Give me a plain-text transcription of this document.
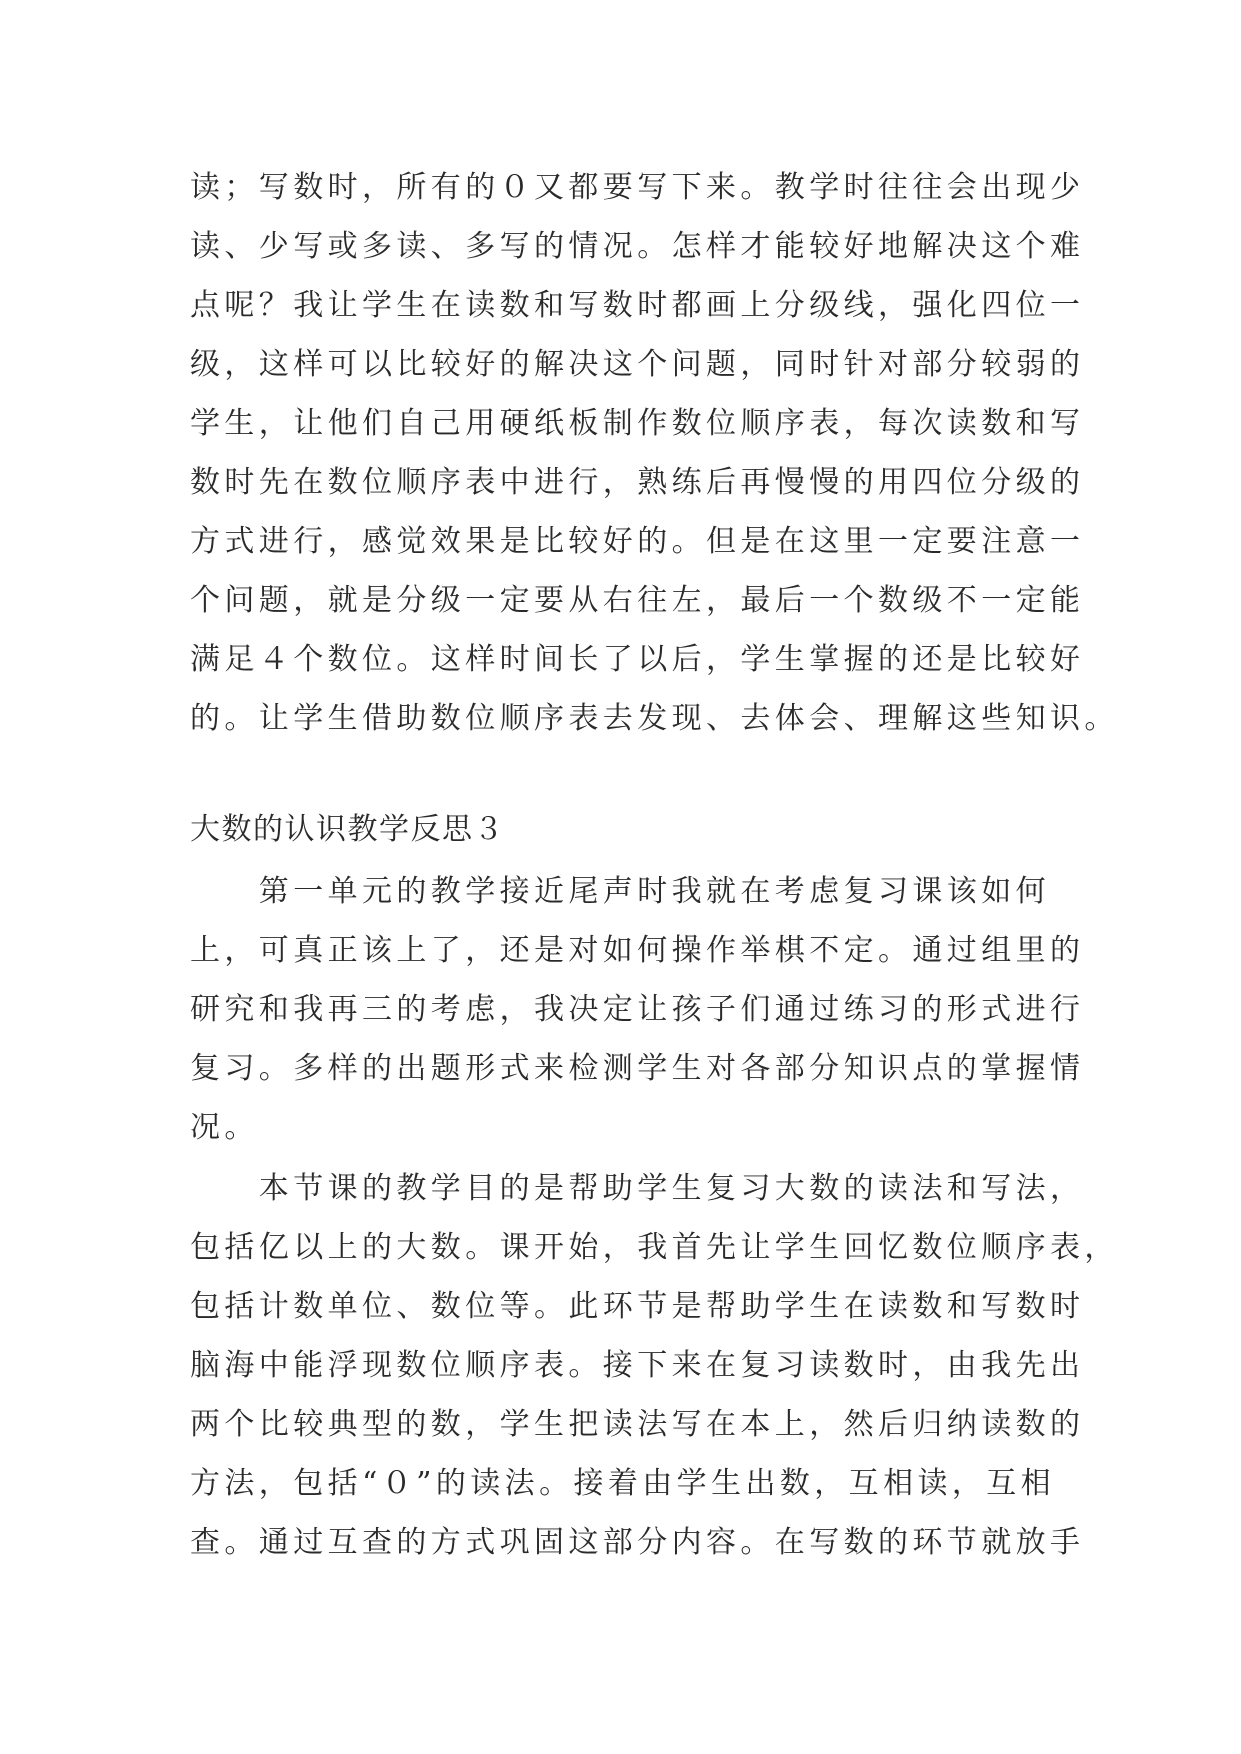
读；写数时，所有的０又都要写下来。教学时往往会出现少
读、少写或多读、多写的情况。怎样才能较好地解决这个难
点呢？我让学生在读数和写数时都画上分级线，强化四位一
级，这样可以比较好的解决这个问题，同时针对部分较弱的
学生，让他们自己用硬纸板制作数位顺序表，每次读数和写
数时先在数位顺序表中进行，熟练后再慢慢的用四位分级的
方式进行，感觉效果是比较好的。但是在这里一定要注意一
个问题，就是分级一定要从右往左，最后一个数级不一定能
满足４个数位。这样时间长了以后，学生掌握的还是比较好
的。让学生借助数位顺序表去发现、去体会、理解这些知识。
大数的认识教学反思３
　　第一单元的教学接近尾声时我就在考虑复习课该如何
上，可真正该上了，还是对如何操作举棋不定。通过组里的
研究和我再三的考虑，我决定让孩子们通过练习的形式进行
复习。多样的出题形式来检测学生对各部分知识点的掌握情
况。
　　本节课的教学目的是帮助学生复习大数的读法和写法，
包括亿以上的大数。课开始，我首先让学生回忆数位顺序表，
包括计数单位、数位等。此环节是帮助学生在读数和写数时
脑海中能浮现数位顺序表。接下来在复习读数时，由我先出
两个比较典型的数，学生把读法写在本上，然后归纳读数的
方法，包括“０”的读法。接着由学生出数，互相读，互相
查。通过互查的方式巩固这部分内容。在写数的环节就放手
